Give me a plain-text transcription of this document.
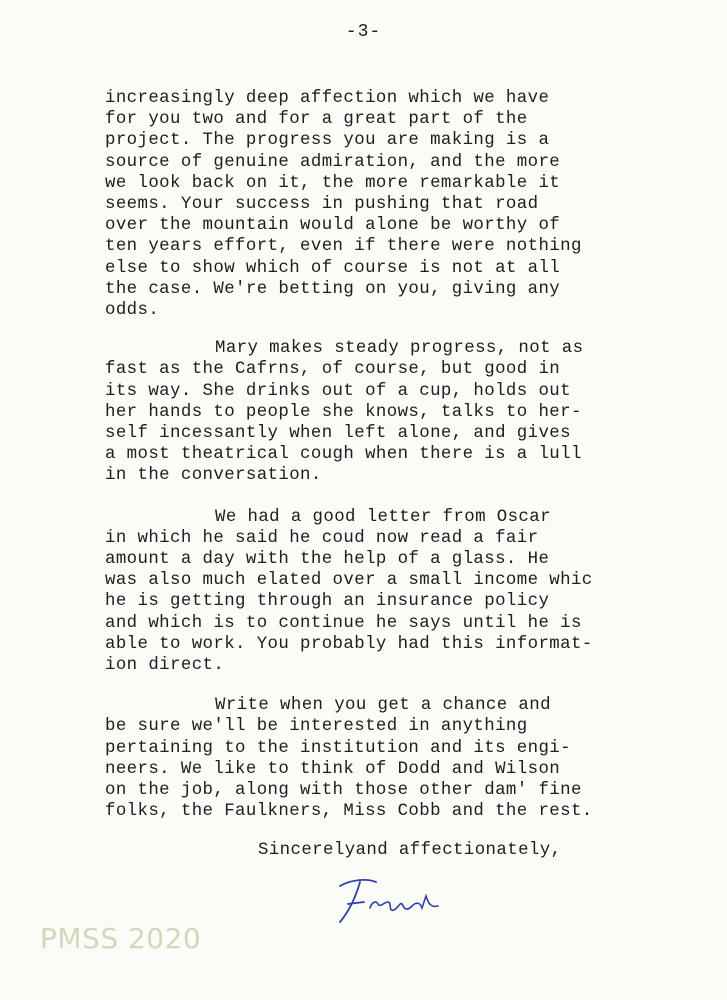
-3-
increasingly deep affection which we have
for you two and for a great part of the
project. The progress you are making is a
source of genuine admiration, and the more
we look back on it, the more remarkable it
seems. Your success in pushing that road
over the mountain would alone be worthy of
ten years effort, even if there were nothing
else to show which of course is not at all
the case. We're betting on you, giving any
odds.
Mary makes steady progress, not as
fast as the Cafrns, of course, but good in
its way. She drinks out of a cup, holds out
her hands to people she knows, talks to her-
self incessantly when left alone, and gives
a most theatrical cough when there is a lull
in the conversation.
We had a good letter from Oscar
in which he said he coud now read a fair
amount a day with the help of a glass. He
was also much elated over a small income whic
he is getting through an insurance policy
and which is to continue he says until he is
able to work. You probably had this informat-
ion direct.
Write when you get a chance and
be sure we'll be interested in anything
pertaining to the institution and its engi-
neers. We like to think of Dodd and Wilson
on the job, along with those other dam' fine
folks, the Faulkners, Miss Cobb and the rest.
Sincerelyand affectionately,
PMSS 2020
